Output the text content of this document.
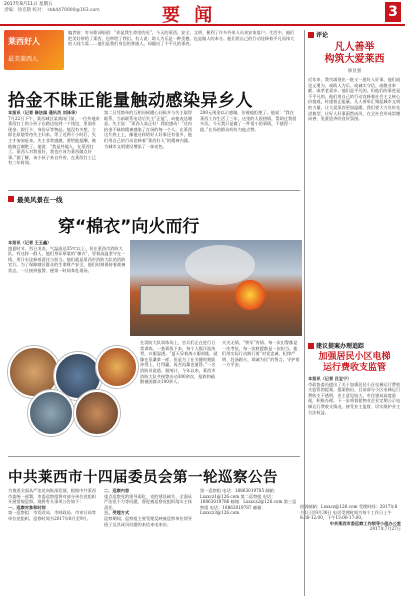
2017年8月11日 星期五
责编：徐克敬 校对： sbb4470000@163.com	要 闻	3
莱西好人
最美莱西人
编者按：有句歌词唱道：“你是我生命里的光”。今天的莱西，安全、文明、便利了许多外来人员来安家落户。生活中，他们把美好带给了莱西，也带给了我们。有人说：助人为乐是一种美德，也是做人的本分。他们用自己的行动诠释着平凡而伟大的人间大爱……他们是我们身边的普通人，却做出了不平凡的事迹。
拾金不昧正能量触动感染异乡人
本报讯（记者 修法国 通讯员 刘泽华）
7月22日下午，莱西城区某商场门前，一位外地来莱西打工的小伙子在路边捡到一个钱包，里面有现金、银行卡、身份证等物品。他没有多想，立即在原地等待失主归来。等了近两个小时后，失主才匆匆赶来。失主非常感激，要给他报酬，被他婉言谢绝了。他说：“我是外地人，在莱西打工，莱西人对我很好，我也应该为莱西做点好事。”据了解，该小伙子来自外省，在莱西打工已有三年时间。
第二日凭简单的互相问候暖心问候并与失主取得联系，当前联系电话后失主“正能”，向他表达谢意。失主说：“莱西人真正好！我很感动！”这份拾金不昧的精神感染了在场的每一个人。在莱西这片热土上，像他这样的好人好事还有很多，他们用自己的行动诠释着“莱西好人”的精神内涵，为城市文明建设增添了一抹亮色。
200元现金以示感谢，但被他拒绝了。他说：“我在莱西工作生活了三年，这里的人很热情，帮助过我很多次。今天我只是做了一件很小的事情，不值得一提。”在场的群众纷纷为他点赞。
最美风景在一线
穿“棉衣”向火而行
本报讯（记者 王玉鑫）
盛夏时节，烈日炎炎，气温高达35℃以上。但在莱西市消防大队，有这样一群人，他们身穿厚重的“棉衣”，冒着高温坚守在一线，用汗水诠释着责任与担当。他们就是莱西市消防大队的消防官兵。为了保障辖区群众的生命财产安全，他们时刻保持着战备状态，一旦接到报警，便第一时间奔赴现场。
在消防大队训练场上，官兵们正在进行日常训练。一套训练下来，每个人都汗流浃背，衣服湿透。“夏天穿着战斗服训练，就像在蒸桑拿一样，但是为了在关键时刻能冲得上、打得赢，再苦再累也值得。”一名消防员说道。据统计，今年以来，莱西市消防大队共接警出动300余次，抢救和疏散被困群众100余人。
火灾无情，“铁军”有情。每一次出警都是一次考验，每一次救援都是一次担当。他们用实际行动践行着“对党忠诚、纪律严明、赴汤蹈火、竭诚为民”的誓言，守护着一方平安。
中共莱西市十四届委员会第一轮巡察公告
为推进全面从严治党向纵深发展，根据中共莱西市委统一部署，市委巡察组将对部分单位党组织开展常规巡察。现将有关事项公告如下：
一、巡察对象和时间
第一巡察组：市发改局、市财政局、市审计局等单位党组织。巡察时间为2017年8月至9月。
二、巡察内容
重点巡察党的领导弱化、党的建设缺失、全面从严治党不力等问题，督促被巡察党组织落实主体责任。
三、受理方式
巡察期间，巡察组主要受理反映被巡察单位领导班子及其成员问题的来信来电来访。
第一巡察组 电话：18863019785 邮箱：Lxsxcz1@126.com 第二巡察组 电话：18863019786 邮箱：Lxsxcz2@126.com 第三巡察组 电话：18863019787 邮箱：Lxsxcz3@126.com
评论
凡人善举
构筑大爱莱西
修显强
近年来，我市涌现出一批又一批好人好事，他们或见义勇为、或助人为乐、或诚实守信、或敬业奉献、或孝老爱亲。他们是平凡的，但他们的事迹是不平凡的。他们用自己的行动诠释着社会主义核心价值观，传递着正能量。凡人善举汇聚起城市文明的力量，让大爱莱西更加温暖。我们要大力宣传先进典型，让好人好事蔚然成风，在全社会形成崇德向善、见贤思齐的良好氛围。
建议提案办理追踪
加强居民小区电梯
运行费收支监管
本报讯（记者 吕宝宁）
市政协委员提出了关于加强居民小区电梯运行费收支监管的提案。提案指出，目前部分小区电梯运行费收支不透明，业主意见较大。市住建局高度重视，积极办理。下一步将督促物业企业定期公示电梯运行费收支情况，接受业主监督，切实维护业主合法权益。
投诉邮箱：Lxsxcz@126.com 受理时间：2017年8月1日至9月30日 电话受理时间为每个工作日上午8:30-12:00，下午13:00-17:00。
中共莱西市委巡察工作领导小组办公室
2017年7月27日
